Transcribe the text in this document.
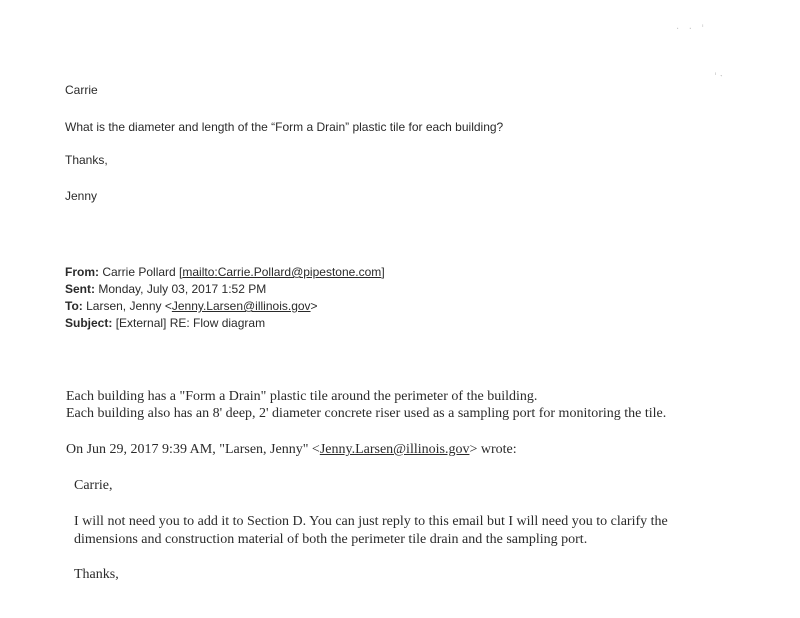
·   ·   ˈ
ˈ ˑ
Carrie
What is the diameter and length of the “Form a Drain” plastic tile for each building?
Thanks,
Jenny
From: Carrie Pollard [mailto:Carrie.Pollard@pipestone.com]
Sent: Monday, July 03, 2017 1:52 PM
To: Larsen, Jenny <Jenny.Larsen@illinois.gov>
Subject: [External] RE: Flow diagram
Each building has a "Form a Drain" plastic tile around the perimeter of the building.
Each building also has an 8' deep, 2' diameter concrete riser used as a sampling port for monitoring the tile.
On Jun 29, 2017 9:39 AM, "Larsen, Jenny" <Jenny.Larsen@illinois.gov> wrote:
Carrie,
I will not need you to add it to Section D. You can just reply to this email but I will need you to clarify the
dimensions and construction material of both the perimeter tile drain and the sampling port.
Thanks,
